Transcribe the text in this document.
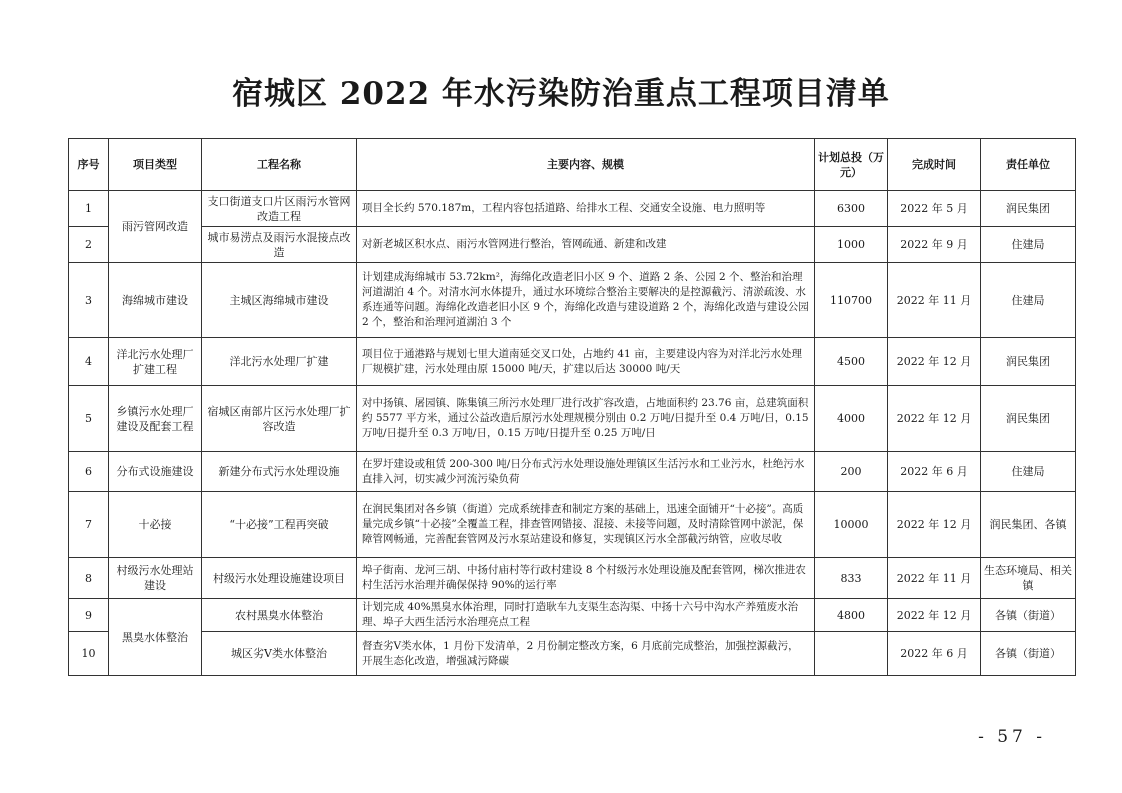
宿城区 2022 年水污染防治重点工程项目清单
序号	项目类型	工程名称	主要内容、规模	计划总投（万元）	完成时间	责任单位
1	雨污管网改造	支口街道支口片区雨污水管网改造工程	项目全长约 570.187m，工程内容包括道路、给排水工程、交通安全设施、电力照明等	6300	2022 年 5 月	润民集团
2		城市易涝点及雨污水混接点改造	对新老城区积水点、雨污水管网进行整治，管网疏通、新建和改建	1000	2022 年 9 月	住建局
3	海绵城市建设	主城区海绵城市建设	计划建成海绵城市 53.72km²，海绵化改造老旧小区 9 个、道路 2 条、公园 2 个、整治和治理河道湖泊 4 个。对清水河水体提升，通过水环境综合整治主要解决的是控源截污、清淤疏浚、水系连通等问题。海绵化改造老旧小区 9 个，海绵化改造与建设道路 2 个，海绵化改造与建设公园 2 个，整治和治理河道湖泊 3 个	110700	2022 年 11 月	住建局
4	洋北污水处理厂扩建工程	洋北污水处理厂扩建	项目位于通港路与规划七里大道南延交叉口处，占地约 41 亩，主要建设内容为对洋北污水处理厂规模扩建，污水处理由原 15000 吨/天，扩建以后达 30000 吨/天	4500	2022 年 12 月	润民集团
5	乡镇污水处理厂建设及配套工程	宿城区南部片区污水处理厂扩容改造	对中扬镇、屠园镇、陈集镇三所污水处理厂进行改扩容改造，占地面积约 23.76 亩，总建筑面积约 5577 平方米，通过公益改造后原污水处理规模分别由 0.2 万吨/日提升至 0.4 万吨/日，0.15 万吨/日提升至 0.3 万吨/日，0.15 万吨/日提升至 0.25 万吨/日	4000	2022 年 12 月	润民集团
6	分布式设施建设	新建分布式污水处理设施	在罗圩建设或租赁 200-300 吨/日分布式污水处理设施处理镇区生活污水和工业污水，杜绝污水直排入河，切实减少河流污染负荷	200	2022 年 6 月	住建局
7	十必接	“十必接”工程再突破	在润民集团对各乡镇（街道）完成系统排查和制定方案的基础上，迅速全面铺开“十必接”。高质量完成乡镇“十必接”全覆盖工程，排查管网错接、混接、未接等问题，及时清除管网中淤泥，保障管网畅通，完善配套管网及污水泵站建设和修复，实现镇区污水全部截污纳管，应收尽收	10000	2022 年 12 月	润民集团、各镇
8	村级污水处理站建设	村级污水处理设施建设项目	埠子街南、龙河三胡、中扬付庙村等行政村建设 8 个村级污水处理设施及配套管网，梯次推进农村生活污水治理并确保保持 90%的运行率	833	2022 年 11 月	生态环境局、相关镇
9	黑臭水体整治	农村黑臭水体整治	计划完成 40%黑臭水体治理，同时打造耿车九支渠生态沟渠、中扬十六号中沟水产养殖废水治理、埠子大西生活污水治理亮点工程	4800	2022 年 12 月	各镇（街道）
10		城区劣V类水体整治	督查劣V类水体，1 月份下发清单，2 月份制定整改方案，6 月底前完成整治，加强控源截污，开展生态化改造，增强减污降碳		2022 年 6 月	各镇（街道）
- 57 -
